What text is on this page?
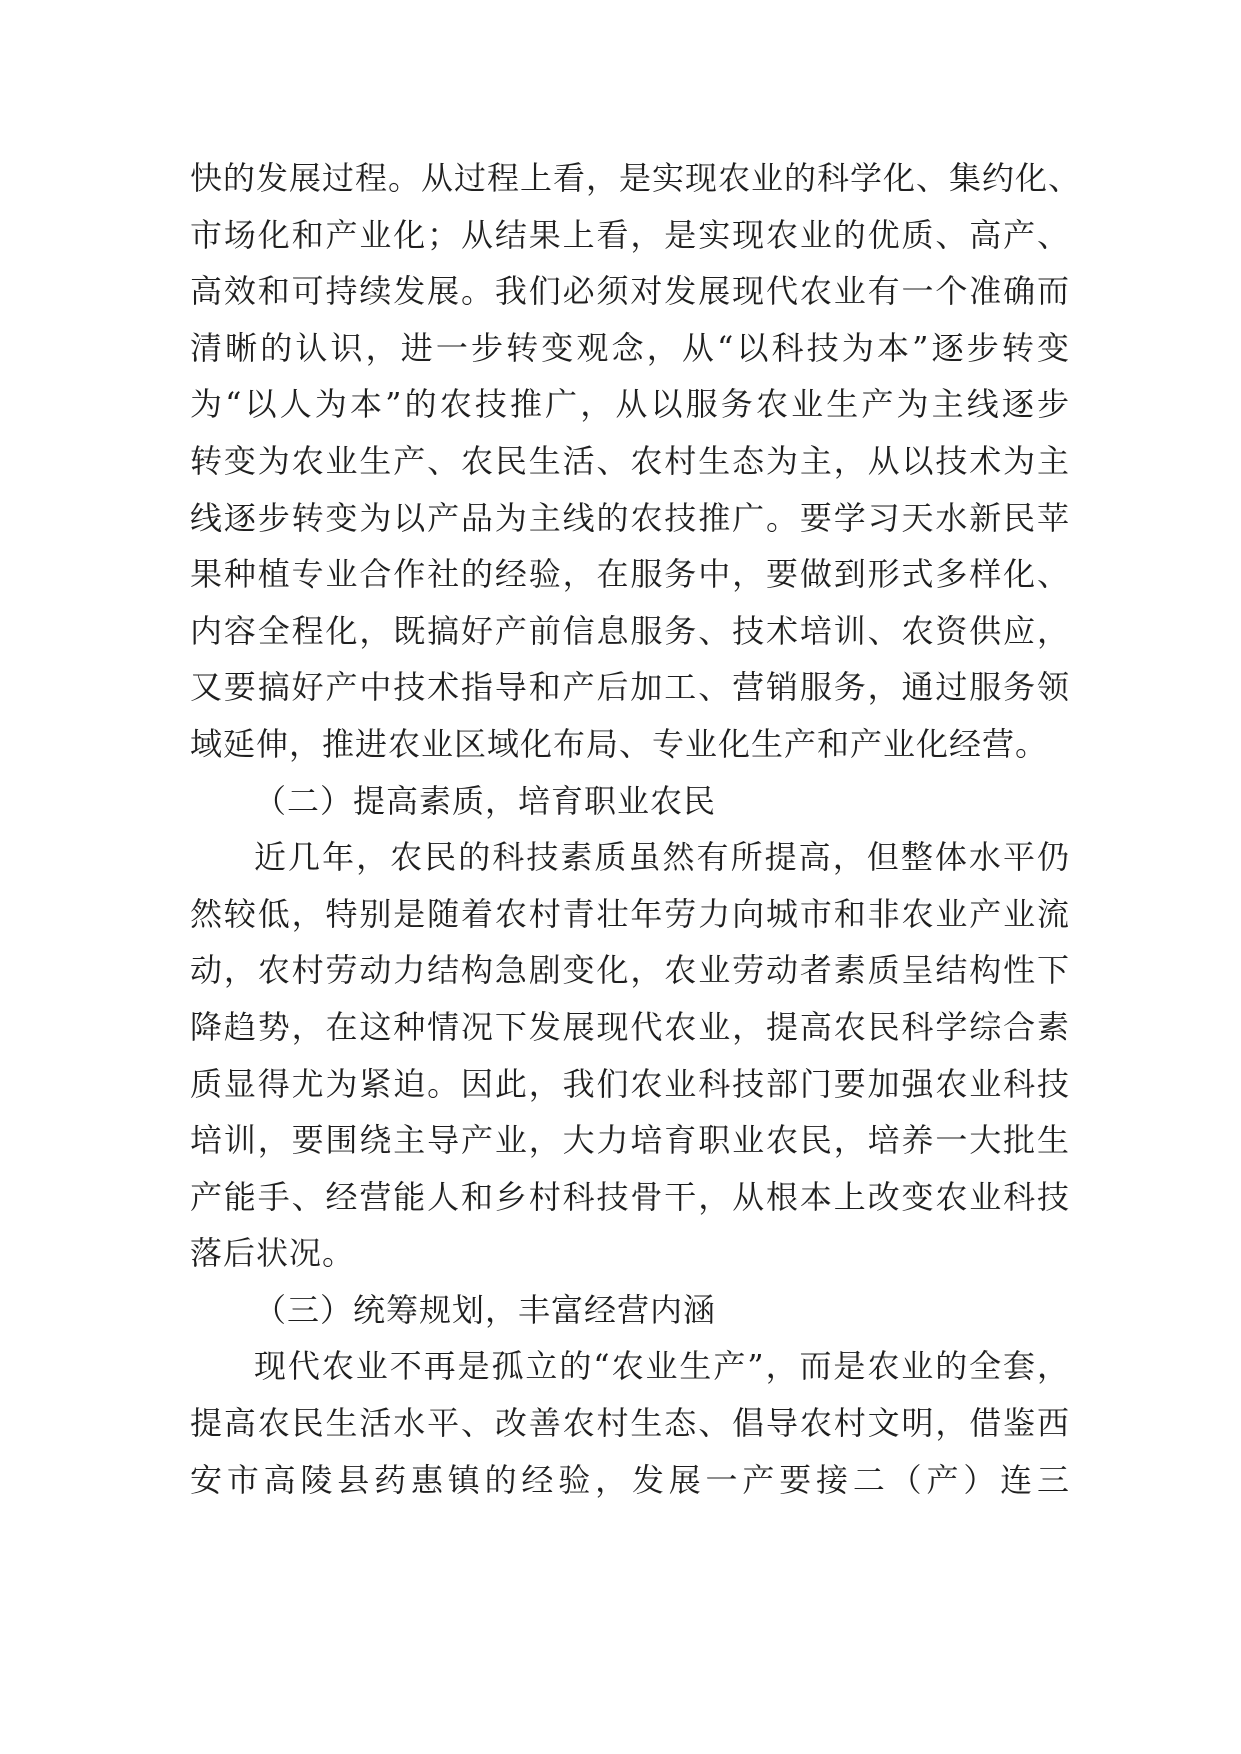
快的发展过程。从过程上看，是实现农业的科学化、集约化、
市场化和产业化；从结果上看，是实现农业的优质、高产、
高效和可持续发展。我们必须对发展现代农业有一个准确而
清晰的认识，进一步转变观念，从“以科技为本”逐步转变
为“以人为本”的农技推广，从以服务农业生产为主线逐步
转变为农业生产、农民生活、农村生态为主，从以技术为主
线逐步转变为以产品为主线的农技推广。要学习天水新民苹
果种植专业合作社的经验，在服务中，要做到形式多样化、
内容全程化，既搞好产前信息服务、技术培训、农资供应，
又要搞好产中技术指导和产后加工、营销服务，通过服务领
域延伸，推进农业区域化布局、专业化生产和产业化经营。
（二）提高素质，培育职业农民
近几年，农民的科技素质虽然有所提高，但整体水平仍
然较低，特别是随着农村青壮年劳力向城市和非农业产业流
动，农村劳动力结构急剧变化，农业劳动者素质呈结构性下
降趋势，在这种情况下发展现代农业，提高农民科学综合素
质显得尤为紧迫。因此，我们农业科技部门要加强农业科技
培训，要围绕主导产业，大力培育职业农民，培养一大批生
产能手、经营能人和乡村科技骨干，从根本上改变农业科技
落后状况。
（三）统筹规划，丰富经营内涵
现代农业不再是孤立的“农业生产”，而是农业的全套，
提高农民生活水平、改善农村生态、倡导农村文明，借鉴西
安市高陵县药惠镇的经验，发展一产要接二（产）连三
